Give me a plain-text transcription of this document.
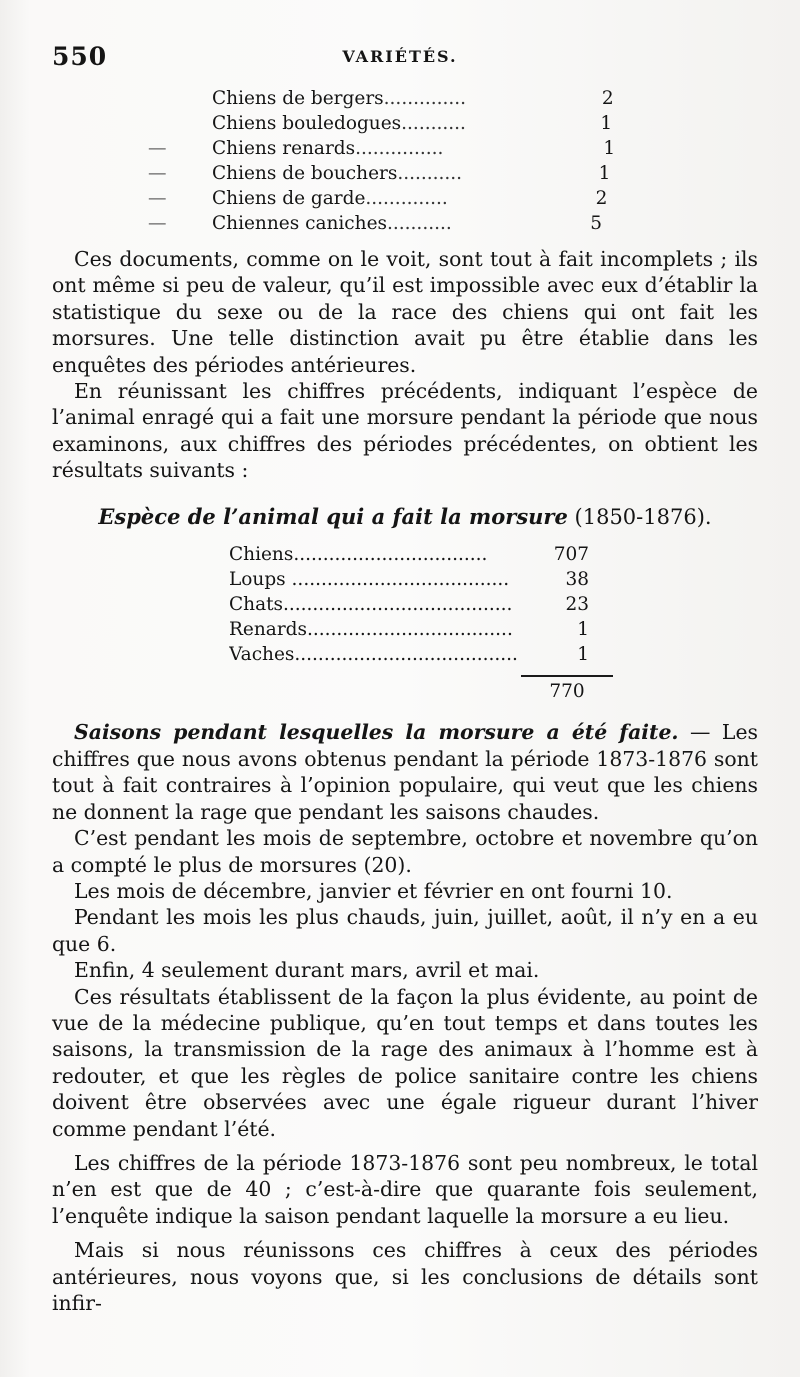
550	VARIÉTÉS.
Chiens de bergers ..............	2
Chiens bouledogues ...........	1
—	Chiens renards ...............	1
—	Chiens de bouchers ...........	1
—	Chiens de garde ..............	2
—	Chiennes caniches ...........	5

Ces documents, comme on le voit, sont tout à fait incomplets ; ils ont même si peu de valeur, qu’il est impossible avec eux d’établir la statistique du sexe ou de la race des chiens qui ont fait les morsures. Une telle distinction avait pu être établie dans les enquêtes des périodes antérieures.

En réunissant les chiffres précédents, indiquant l’espèce de l’animal enragé qui a fait une morsure pendant la période que nous examinons, aux chiffres des périodes précédentes, on obtient les résultats suivants :

Espèce de l’animal qui a fait la morsure (1850-1876).
Chiens.................................	707
Loups .....................................	38
Chats.......................................	23
Renards...................................	1
Vaches......................................	1
770

Saisons pendant lesquelles la morsure a été faite. — Les chiffres que nous avons obtenus pendant la période 1873-1876 sont tout à fait contraires à l’opinion populaire, qui veut que les chiens ne donnent la rage que pendant les saisons chaudes.

C’est pendant les mois de septembre, octobre et novembre qu’on a compté le plus de morsures (20).

Les mois de décembre, janvier et février en ont fourni 10.

Pendant les mois les plus chauds, juin, juillet, août, il n’y en a eu que 6.

Enfin, 4 seulement durant mars, avril et mai.

Ces résultats établissent de la façon la plus évidente, au point de vue de la médecine publique, qu’en tout temps et dans toutes les saisons, la transmission de la rage des animaux à l’homme est à redouter, et que les règles de police sanitaire contre les chiens doivent être observées avec une égale rigueur durant l’hiver comme pendant l’été.

Les chiffres de la période 1873-1876 sont peu nombreux, le total n’en est que de 40 ; c’est-à-dire que quarante fois seulement, l’enquête indique la saison pendant laquelle la morsure a eu lieu.

Mais si nous réunissons ces chiffres à ceux des périodes antérieures, nous voyons que, si les conclusions de détails sont infir-
